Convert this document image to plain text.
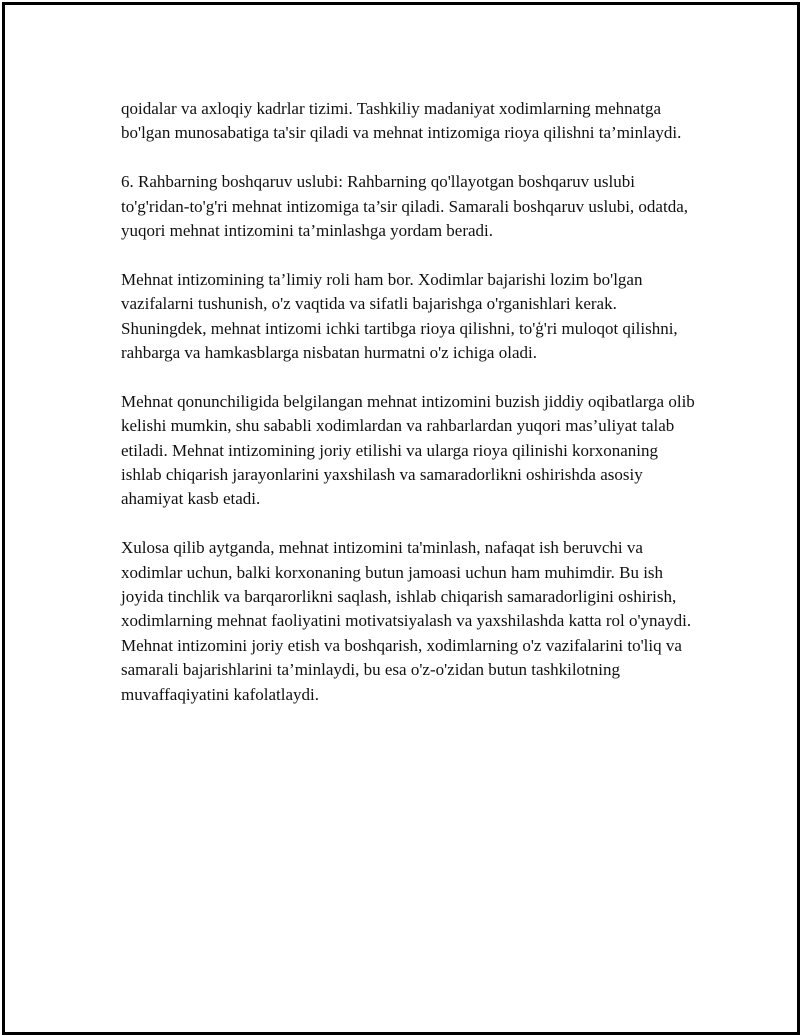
qoidalar va axloqiy kadrlar tizimi. Tashkiliy madaniyat xodimlarning mehnatga bo'lgan munosabatiga ta'sir qiladi va mehnat intizomiga rioya qilishni ta’minlaydi.

6. Rahbarning boshqaruv uslubi: Rahbarning qo'llayotgan boshqaruv uslubi to'g'ridan-to'g'ri mehnat intizomiga ta’sir qiladi. Samarali boshqaruv uslubi, odatda, yuqori mehnat intizomini ta’minlashga yordam beradi.

Mehnat intizomining ta’limiy roli ham bor. Xodimlar bajarishi lozim bo'lgan vazifalarni tushunish, o'z vaqtida va sifatli bajarishga o'rganishlari kerak. Shuningdek, mehnat intizomi ichki tartibga rioya qilishni, to'ģ'ri muloqot qilishni, rahbarga va hamkasblarga nisbatan hurmatni o'z ichiga oladi.

Mehnat qonunchiligida belgilangan mehnat intizomini buzish jiddiy oqibatlarga olib kelishi mumkin, shu sababli xodimlardan va rahbarlardan yuqori mas’uliyat talab etiladi. Mehnat intizomining joriy etilishi va ularga rioya qilinishi korxonaning ishlab chiqarish jarayonlarini yaxshilash va samaradorlikni oshirishda asosiy ahamiyat kasb etadi.

Xulosa qilib aytganda, mehnat intizomini ta'minlash, nafaqat ish beruvchi va xodimlar uchun, balki korxonaning butun jamoasi uchun ham muhimdir. Bu ish joyida tinchlik va barqarorlikni saqlash, ishlab chiqarish samaradorligini oshirish, xodimlarning mehnat faoliyatini motivatsiyalash va yaxshilashda katta rol o'ynaydi. Mehnat intizomini joriy etish va boshqarish, xodimlarning o'z vazifalarini to'liq va samarali bajarishlarini ta’minlaydi, bu esa o'z-o'zidan butun tashkilotning muvaffaqiyatini kafolatlaydi.
